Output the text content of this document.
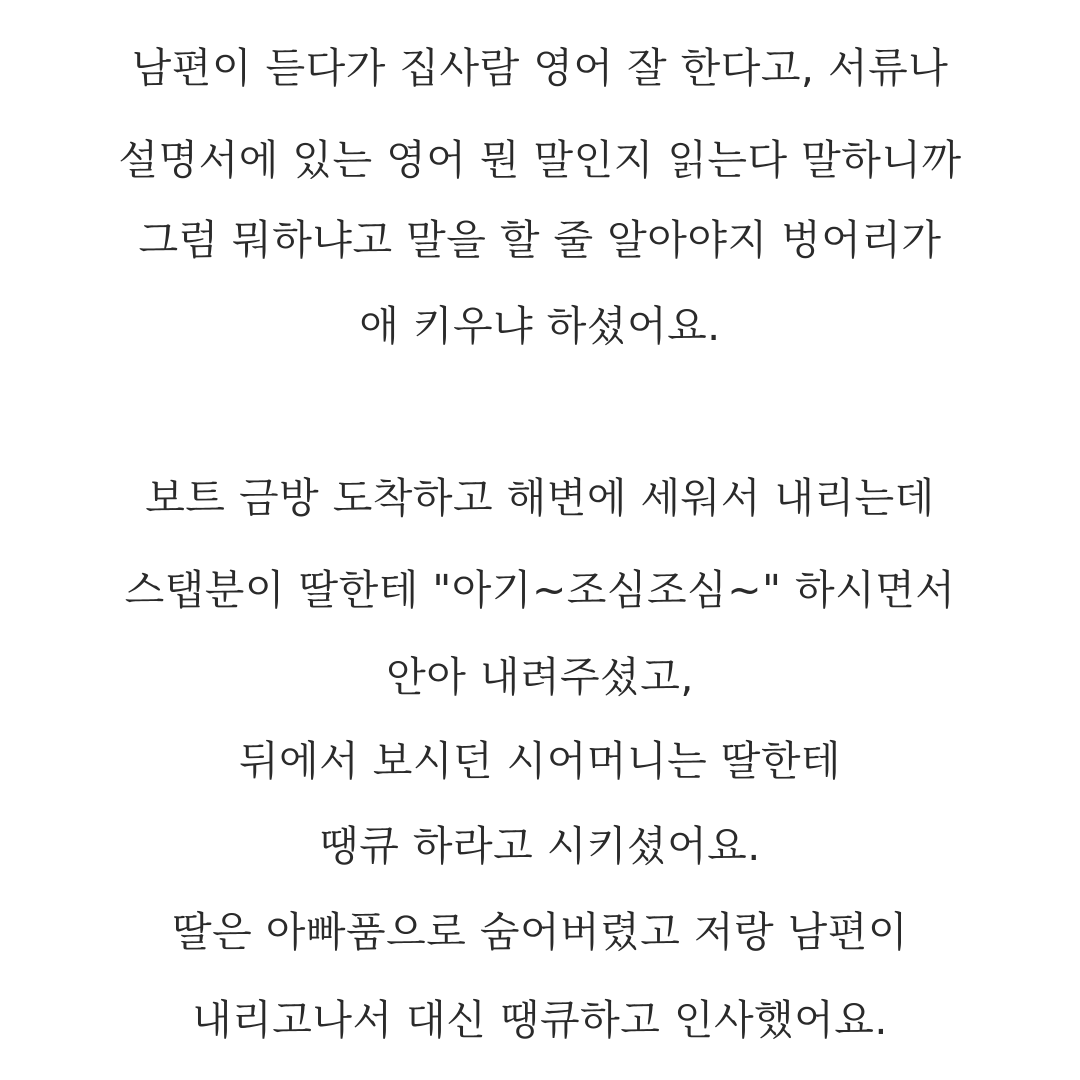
남편이 듣다가 집사람 영어 잘 한다고, 서류나
설명서에 있는 영어 뭔 말인지 읽는다 말하니까
그럼 뭐하냐고 말을 할 줄 알아야지 벙어리가
애 키우냐 하셨어요.
보트 금방 도착하고 해변에 세워서 내리는데
스탭분이 딸한테 "아기~조심조심~" 하시면서
안아 내려주셨고,
뒤에서 보시던 시어머니는 딸한테
땡큐 하라고 시키셨어요.
딸은 아빠품으로 숨어버렸고 저랑 남편이
내리고나서 대신 땡큐하고 인사했어요.
